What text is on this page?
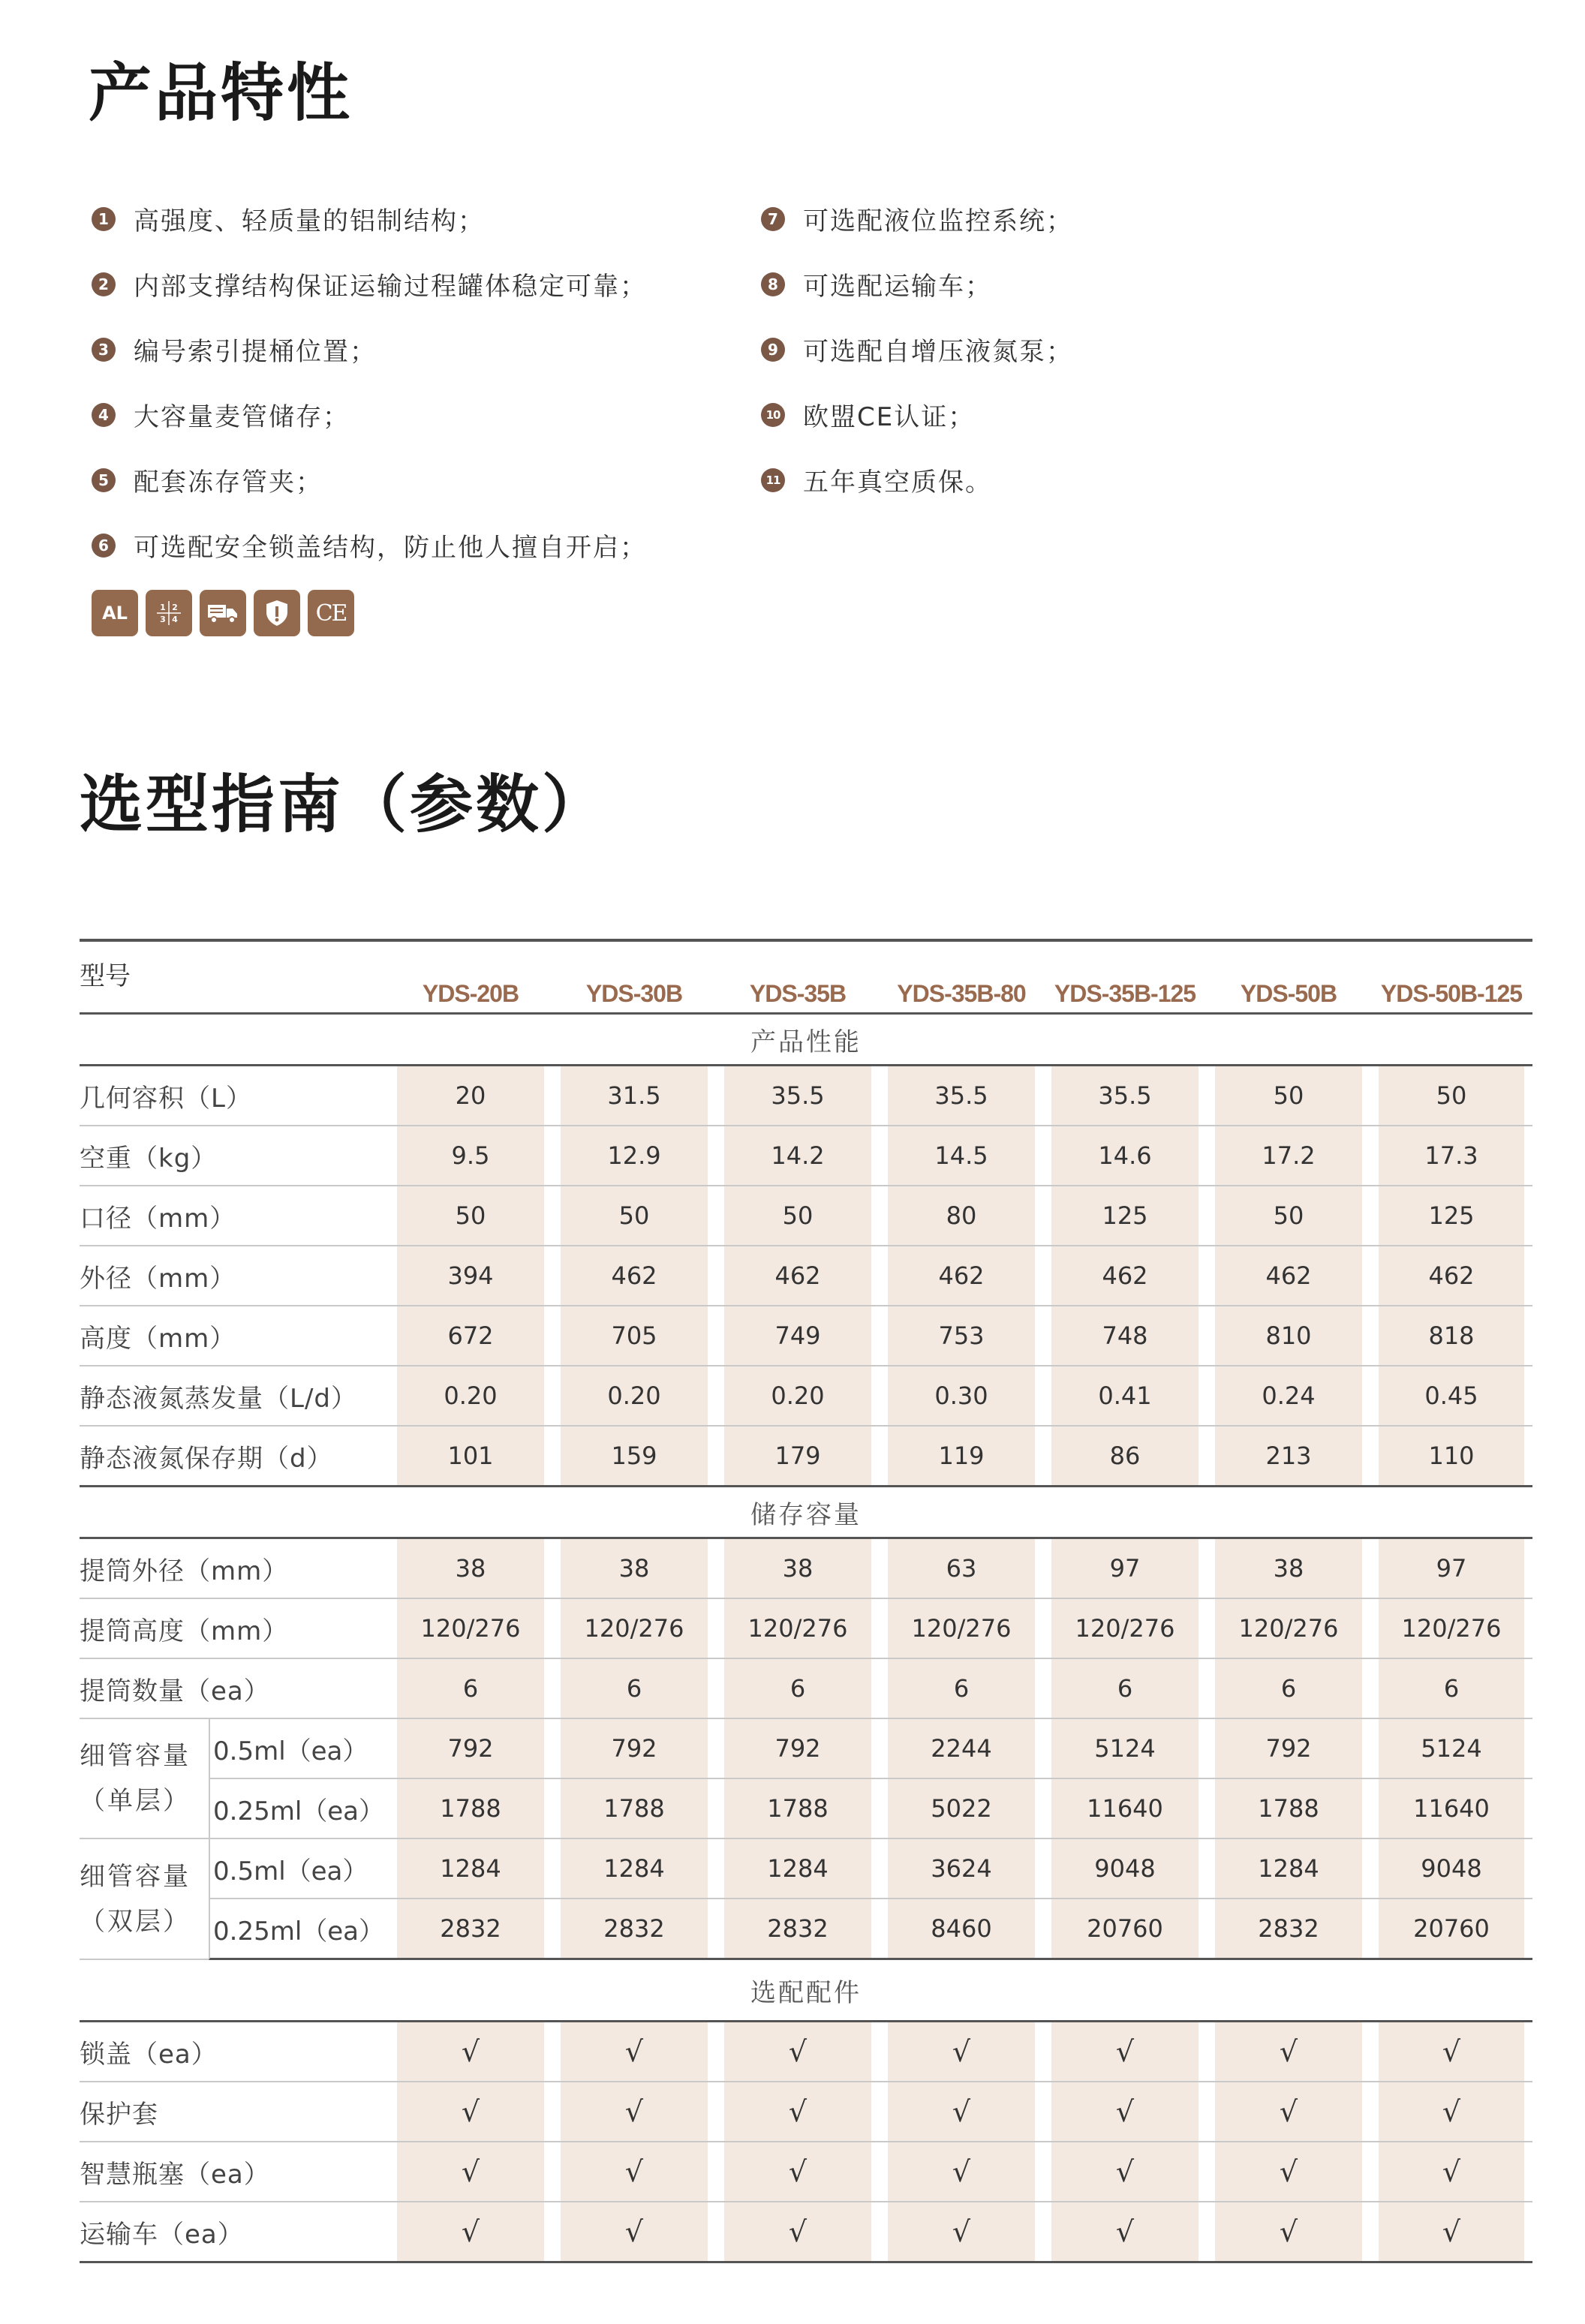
产品特性
1 高强度、轻质量的铝制结构；
2 内部支撑结构保证运输过程罐体稳定可靠；
3 编号索引提桶位置；
4 大容量麦管储存；
5 配套冻存管夹；
6 可选配安全锁盖结构，防止他人擅自开启；
7 可选配液位监控系统；
8 可选配运输车；
9 可选配自增压液氮泵；
10 欧盟CE认证；
11 五年真空质保。
AL	1 2
3 4	CE
选型指南（参数）
型号		YDS-20B	YDS-30B	YDS-35B	YDS-35B-80	YDS-35B-125	YDS-50B	YDS-50B-125
产品性能								
几何容积（L）		20	31.5	35.5	35.5	35.5	50	50
空重（kg）		9.5	12.9	14.2	14.5	14.6	17.2	17.3
口径（mm）		50	50	50	80	125	50	125
外径（mm）		394	462	462	462	462	462	462
高度（mm）		672	705	749	753	748	810	818
静态液氮蒸发量（L/d）		0.20	0.20	0.20	0.30	0.41	0.24	0.45
静态液氮保存期（d）		101	159	179	119	86	213	110
储存容量								
提筒外径（mm）		38	38	38	63	97	38	97
提筒高度（mm）		120/276	120/276	120/276	120/276	120/276	120/276	120/276
提筒数量（ea）		6	6	6	6	6	6	6

细管容量
（单层）	0.5ml（ea）	792	792	792	2244	5124	792	5124
	0.25ml（ea）	1788	1788	1788	5022	11640	1788	11640

细管容量
（双层）	0.5ml（ea）	1284	1284	1284	3624	9048	1284	9048
	0.25ml（ea）	2832	2832	2832	8460	20760	2832	20760
选配配件								
锁盖（ea）		√	√	√	√	√	√	√
保护套		√	√	√	√	√	√	√
智慧瓶塞（ea）		√	√	√	√	√	√	√
运输车（ea）		√	√	√	√	√	√	√
